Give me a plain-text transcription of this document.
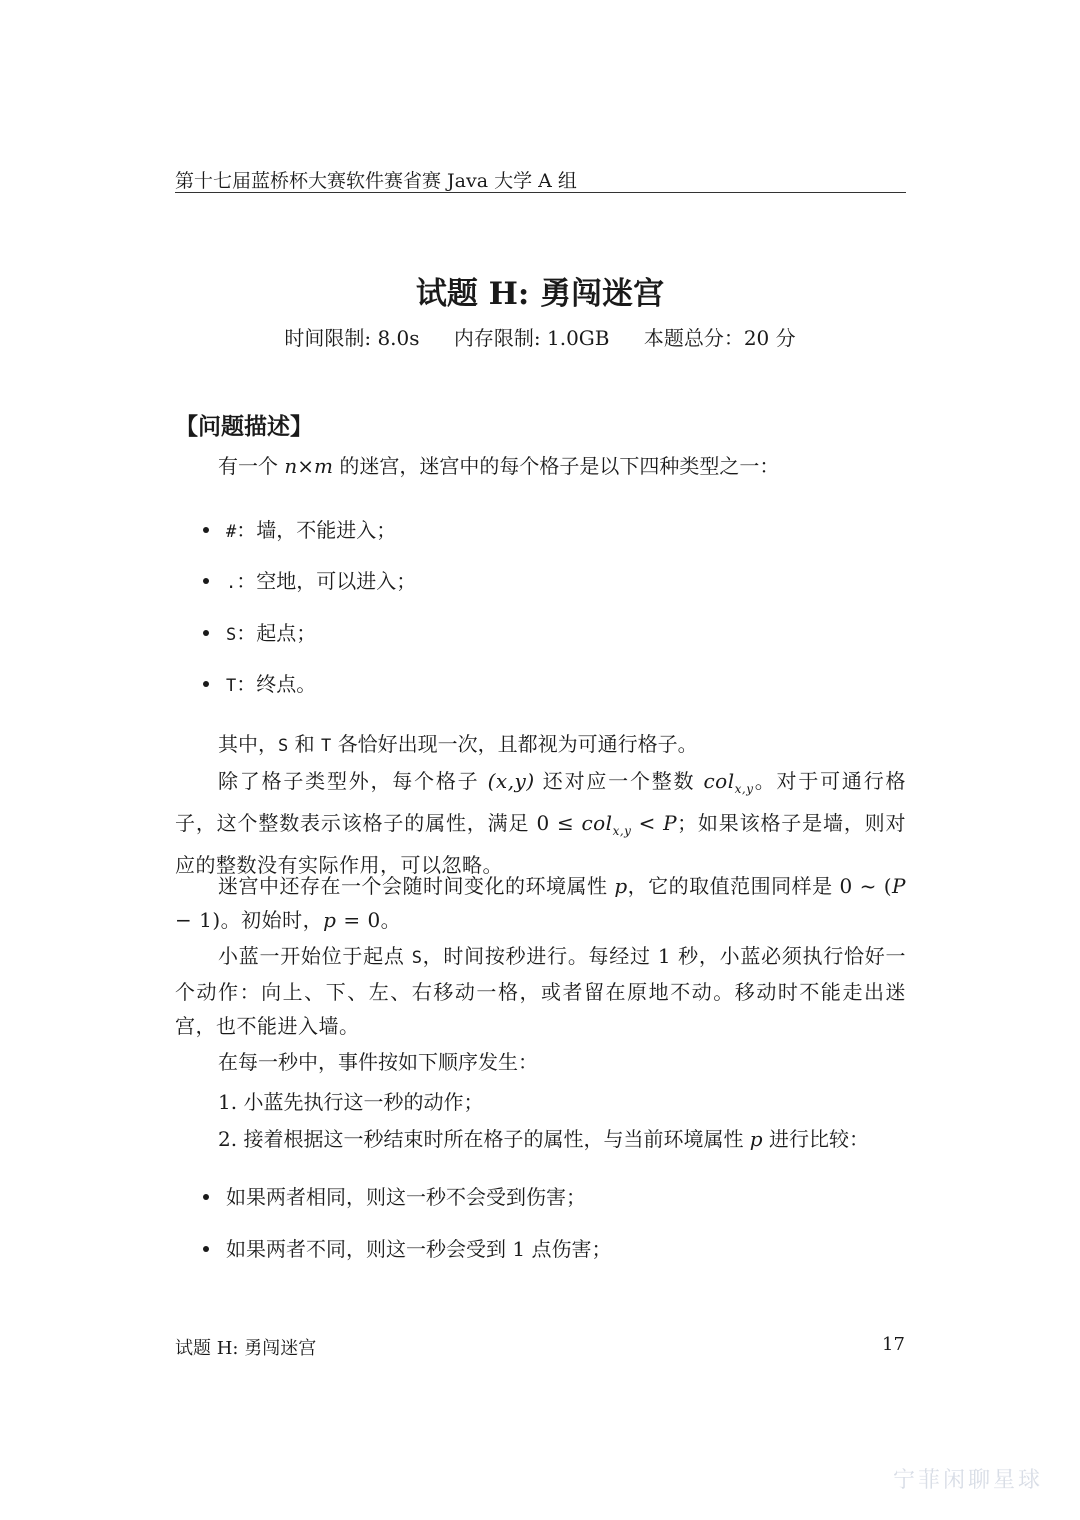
第十七届蓝桥杯大赛软件赛省赛 Java 大学 A 组
试题 H: 勇闯迷宫
时间限制: 8.0s 内存限制: 1.0GB 本题总分：20 分
【问题描述】
有一个 n×m 的迷宫，迷宫中的每个格子是以下四种类型之一：
#：墙，不能进入；
.：空地，可以进入；
S：起点；
T：终点。
其中，S 和 T 各恰好出现一次，且都视为可通行格子。
除了格子类型外，每个格子 (x,y) 还对应一个整数 col$_{x,y}$。对于可通行格子，这个整数表示该格子的属性，满足 0 ≤ col$_{x,y}$ < P；如果该格子是墙，则对应的整数没有实际作用，可以忽略。
迷宫中还存在一个会随时间变化的环境属性 p，它的取值范围同样是 0 ~ (P − 1)。初始时，p = 0。
小蓝一开始位于起点 S，时间按秒进行。每经过 1 秒，小蓝必须执行恰好一个动作：向上、下、左、右移动一格，或者留在原地不动。移动时不能走出迷宫，也不能进入墙。
在每一秒中，事件按如下顺序发生：
1. 小蓝先执行这一秒的动作；
2. 接着根据这一秒结束时所在格子的属性，与当前环境属性 p 进行比较：
如果两者相同，则这一秒不会受到伤害；
如果两者不同，则这一秒会受到 1 点伤害；
试题 H: 勇闯迷宫	17
宁菲闲聊星球
